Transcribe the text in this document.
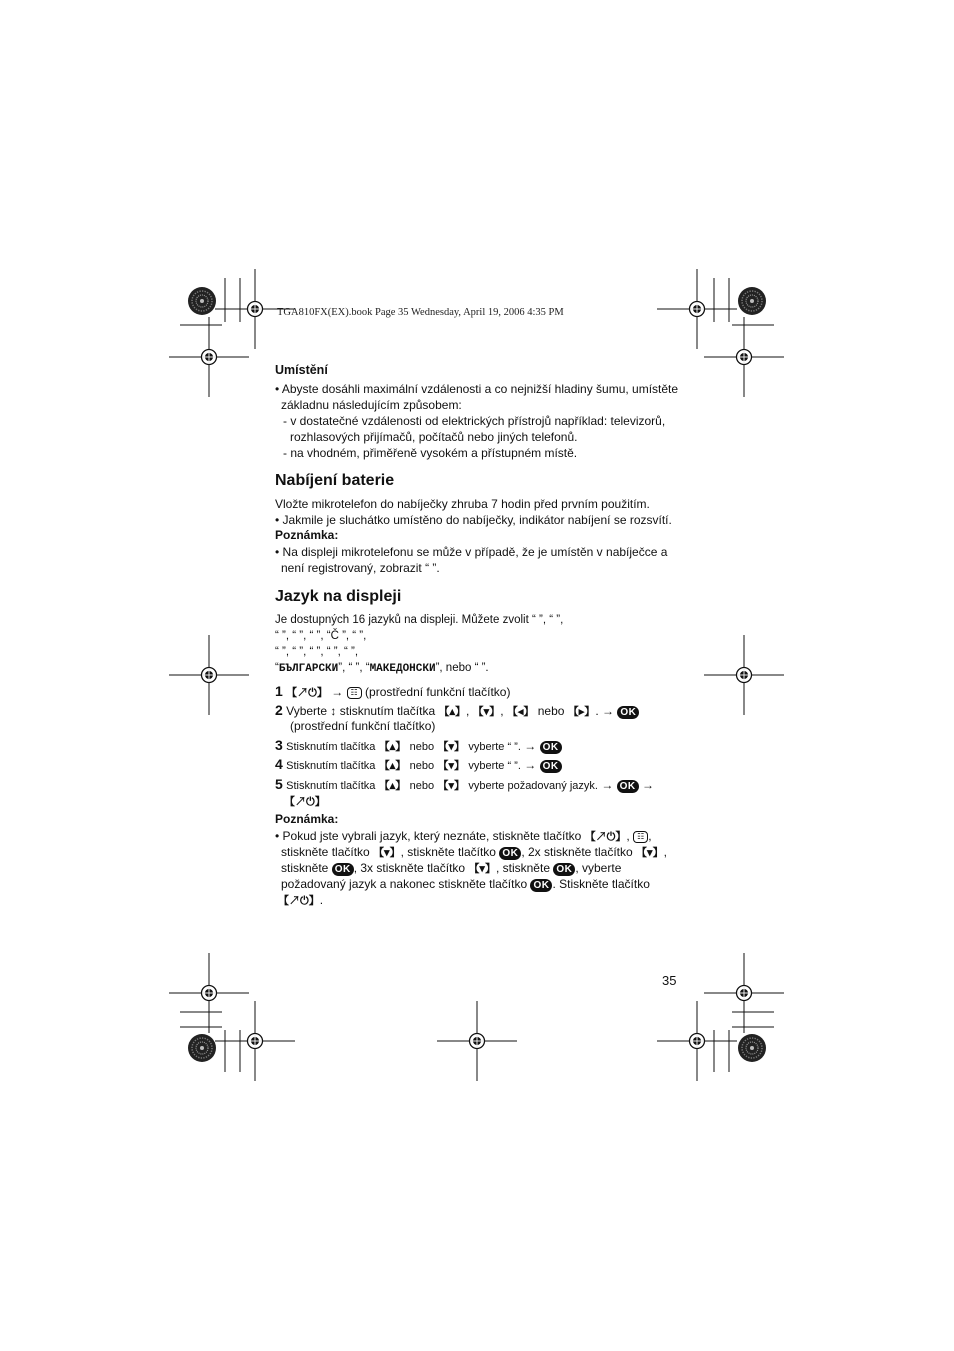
TGA810FX(EX).book Page 35 Wednesday, April 19, 2006 4:35 PM
Umístění
• Abyste dosáhli maximální vzdálenosti a co nejnižší hladiny šumu, umístěte
základnu následujícím způsobem:
- v dostatečné vzdálenosti od elektrických přístrojů například: televizorů,
rozhlasových přijímačů, počítačů nebo jiných telefonů.
- na vhodném, přiměřeně vysokém a přístupném místě.
Nabíjení baterie
Vložte mikrotelefon do nabíječky zhruba 7 hodin před prvním použitím.
• Jakmile je sluchátko umístěno do nabíječky, indikátor nabíjení se rozsvítí.
Poznámka:
• Na displeji mikrotelefonu se může v případě, že je umístěn v nabíječce a
není registrovaný, zobrazit “ ”.
Jazyk na displeji
Je dostupných 16 jazyků na displeji. Můžete zvolit “ ”, “ ”,
“ ”, “ ”, “ ”, “Č ”, “ ”,
“ ”, “ ”, “ ”, “ ”, “ ”,
“БЪЛГАРСКИ”, “ ”, “МАКЕДОНСКИ”, nebo “ ”.
1 【↗⏻】 → ☷ (prostřední funkční tlačítko)
2 Vyberte ↕ stisknutím tlačítka 【▴】, 【▾】, 【◂】 nebo 【▸】. → OK
(prostřední funkční tlačítko)
3 Stisknutím tlačítka 【▴】 nebo 【▾】 vyberte “ ”. → OK
4 Stisknutím tlačítka 【▴】 nebo 【▾】 vyberte “ ”. → OK
5 Stisknutím tlačítka 【▴】 nebo 【▾】 vyberte požadovaný jazyk. → OK →
【↗⏻】
Poznámka:
• Pokud jste vybrali jazyk, který neznáte, stiskněte tlačítko 【↗⏻】, ☷ ,
stiskněte tlačítko 【▾】, stiskněte tlačítko OK , 2x stiskněte tlačítko 【▾】,
stiskněte OK , 3x stiskněte tlačítko 【▾】, stiskněte OK , vyberte
požadovaný jazyk a nakonec stiskněte tlačítko OK . Stiskněte tlačítko
【↗⏻】.
35
